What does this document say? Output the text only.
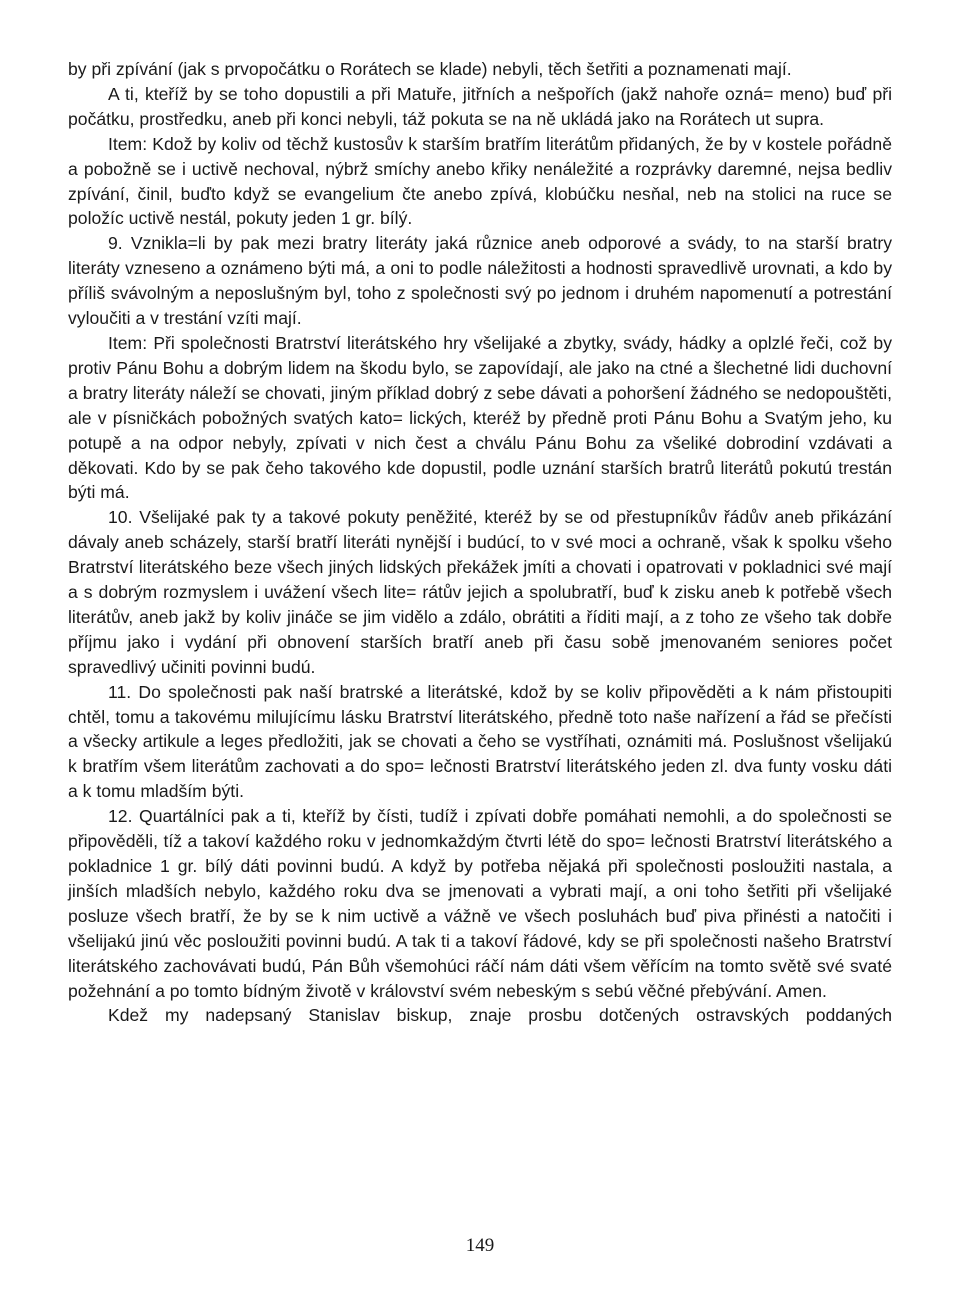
by při zpívání (jak s prvopočátku o Rorátech se klade) nebyli, těch šetřiti a poznamenati mají.

A ti, kteříž by se toho dopustili a při Matuře, jitřních a nešpořích (jakž nahoře ozná= meno) buď při počátku, prostředku, aneb při konci nebyli, táž pokuta se na ně ukládá jako na Rorátech ut supra.

Item: Kdož by koliv od těchž kustosův k starším bratřím literátům přidaných, že by v kostele pořádně a pobožně se i uctivě nechoval, nýbrž smíchy anebo křiky nenáležité a rozprávky daremné, nejsa bedliv zpívání, činil, buďto když se evangelium čte anebo zpívá, klobúčku nesňal, neb na stolici na ruce se položíc uctivě nestál, pokuty jeden 1 gr. bílý.

9. Vznikla=li by pak mezi bratry literáty jaká různice aneb odporové a svády, to na starší bratry literáty vzneseno a oznámeno býti má, a oni to podle náležitosti a hodnosti spravedlivě urovnati, a kdo by příliš svávolným a neposlušným byl, toho z společnosti svý po jednom i druhém napomenutí a potrestání vyloučiti a v trestání vzíti mají.

Item: Při společnosti Bratrství literátského hry všelijaké a zbytky, svády, hádky a oplzlé řeči, což by protiv Pánu Bohu a dobrým lidem na škodu bylo, se zapovídají, ale jako na ctné a šlechetné lidi duchovní a bratry literáty náleží se chovati, jiným příklad dobrý z sebe dávati a pohoršení žádného se nedopouštěti, ale v písničkách pobožných svatých kato= lických, kteréž by předně proti Pánu Bohu a Svatým jeho, ku potupě a na odpor nebyly, zpívati v nich čest a chválu Pánu Bohu za všeliké dobrodiní vzdávati a děkovati. Kdo by se pak čeho takového kde dopustil, podle uznání starších bratrů literátů pokutú trestán býti má.

10. Všelijaké pak ty a takové pokuty peněžité, kteréž by se od přestupníkův řádův aneb přikázání dávaly aneb scházely, starší bratří literáti nynější i budúcí, to v své moci a ochraně, však k spolku všeho Bratrství literátského beze všech jiných lidských překážek jmíti a chovati i opatrovati v pokladnici své mají a s dobrým rozmyslem i uvážení všech lite= rátův jejich a spolubratří, buď k zisku aneb k potřebě všech literátův, aneb jakž by koliv jináče se jim vidělo a zdálo, obrátiti a říditi mají, a z toho ze všeho tak dobře příjmu jako i vydání při obnovení starších bratří aneb při času sobě jmenovaném seniores počet spravedlivý učiniti povinni budú.

11. Do společnosti pak naší bratrské a literátské, kdož by se koliv připověděti a k nám přistoupiti chtěl, tomu a takovému milujícímu lásku Bratrství literátského, předně toto naše nařízení a řád se přečísti a všecky artikule a leges předložiti, jak se chovati a čeho se vystříhati, oznámiti má. Poslušnost všelijakú k bratřím všem literátům zachovati a do spo= lečnosti Bratrství literátského jeden zl. dva funty vosku dáti a k tomu mladším býti.

12. Quartálníci pak a ti, kteříž by čísti, tudíž i zpívati dobře pomáhati nemohli, a do společnosti se připověděli, tíž a takoví každého roku v jednomkaždým čtvrti létě do spo= lečnosti Bratrství literátského a pokladnice 1 gr. bílý dáti povinni budú. A když by potřeba nějaká při společnosti posloužiti nastala, a jinších mladších nebylo, každého roku dva se jmenovati a vybrati mají, a oni toho šetřiti při všelijaké posluze všech bratří, že by se k nim uctivě a vážně ve všech posluhách buď piva přinésti a natočiti i všelijakú jinú věc posloužiti povinni budú. A tak ti a takoví řádové, kdy se při společnosti našeho Bratrství literátského zachovávati budú, Pán Bůh všemohúci ráčí nám dáti všem věřícím na tomto světě své svaté požehnání a po tomto bídným životě v království svém nebeským s sebú věčné přebývání. Amen.

Kdež my nadepsaný Stanislav biskup, znaje prosbu dotčených ostravských poddaných

149
